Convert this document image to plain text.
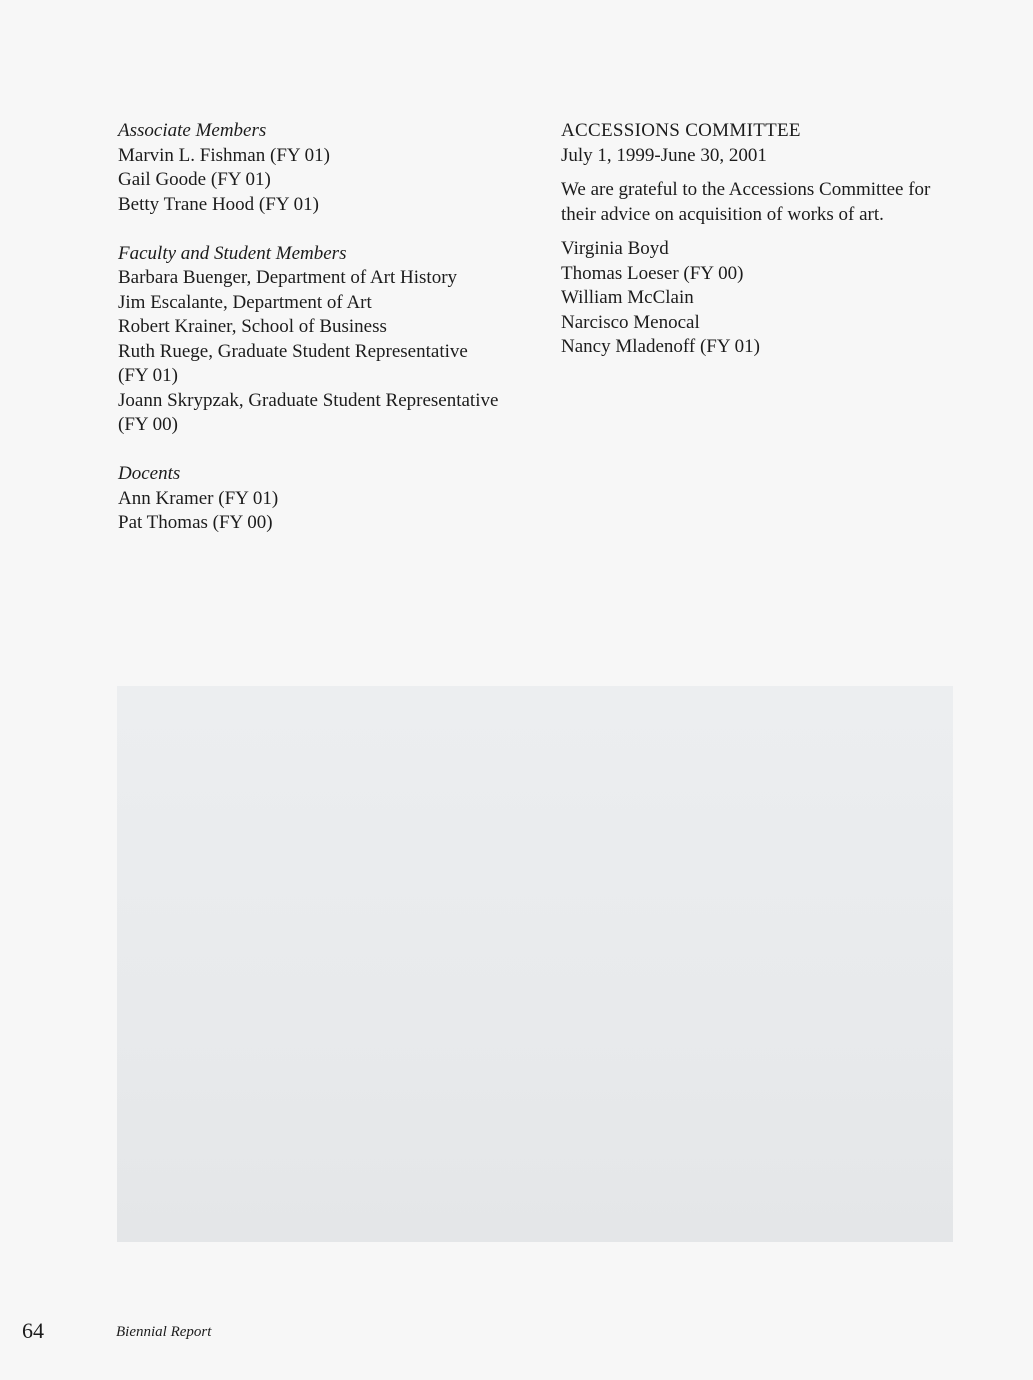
Associate Members
Marvin L. Fishman (FY 01)
Gail Goode (FY 01)
Betty Trane Hood (FY 01)
Faculty and Student Members
Barbara Buenger, Department of Art History
Jim Escalante, Department of Art
Robert Krainer, School of Business
Ruth Ruege, Graduate Student Representative
(FY 01)
Joann Skrypzak, Graduate Student Representative
(FY 00)
Docents
Ann Kramer (FY 01)
Pat Thomas (FY 00)
ACCESSIONS COMMITTEE
July 1, 1999-June 30, 2001
We are grateful to the Accessions Committee for
their advice on acquisition of works of art.
Virginia Boyd
Thomas Loeser (FY 00)
William McClain
Narcisco Menocal
Nancy Mladenoff (FY 01)
64	Biennial Report
